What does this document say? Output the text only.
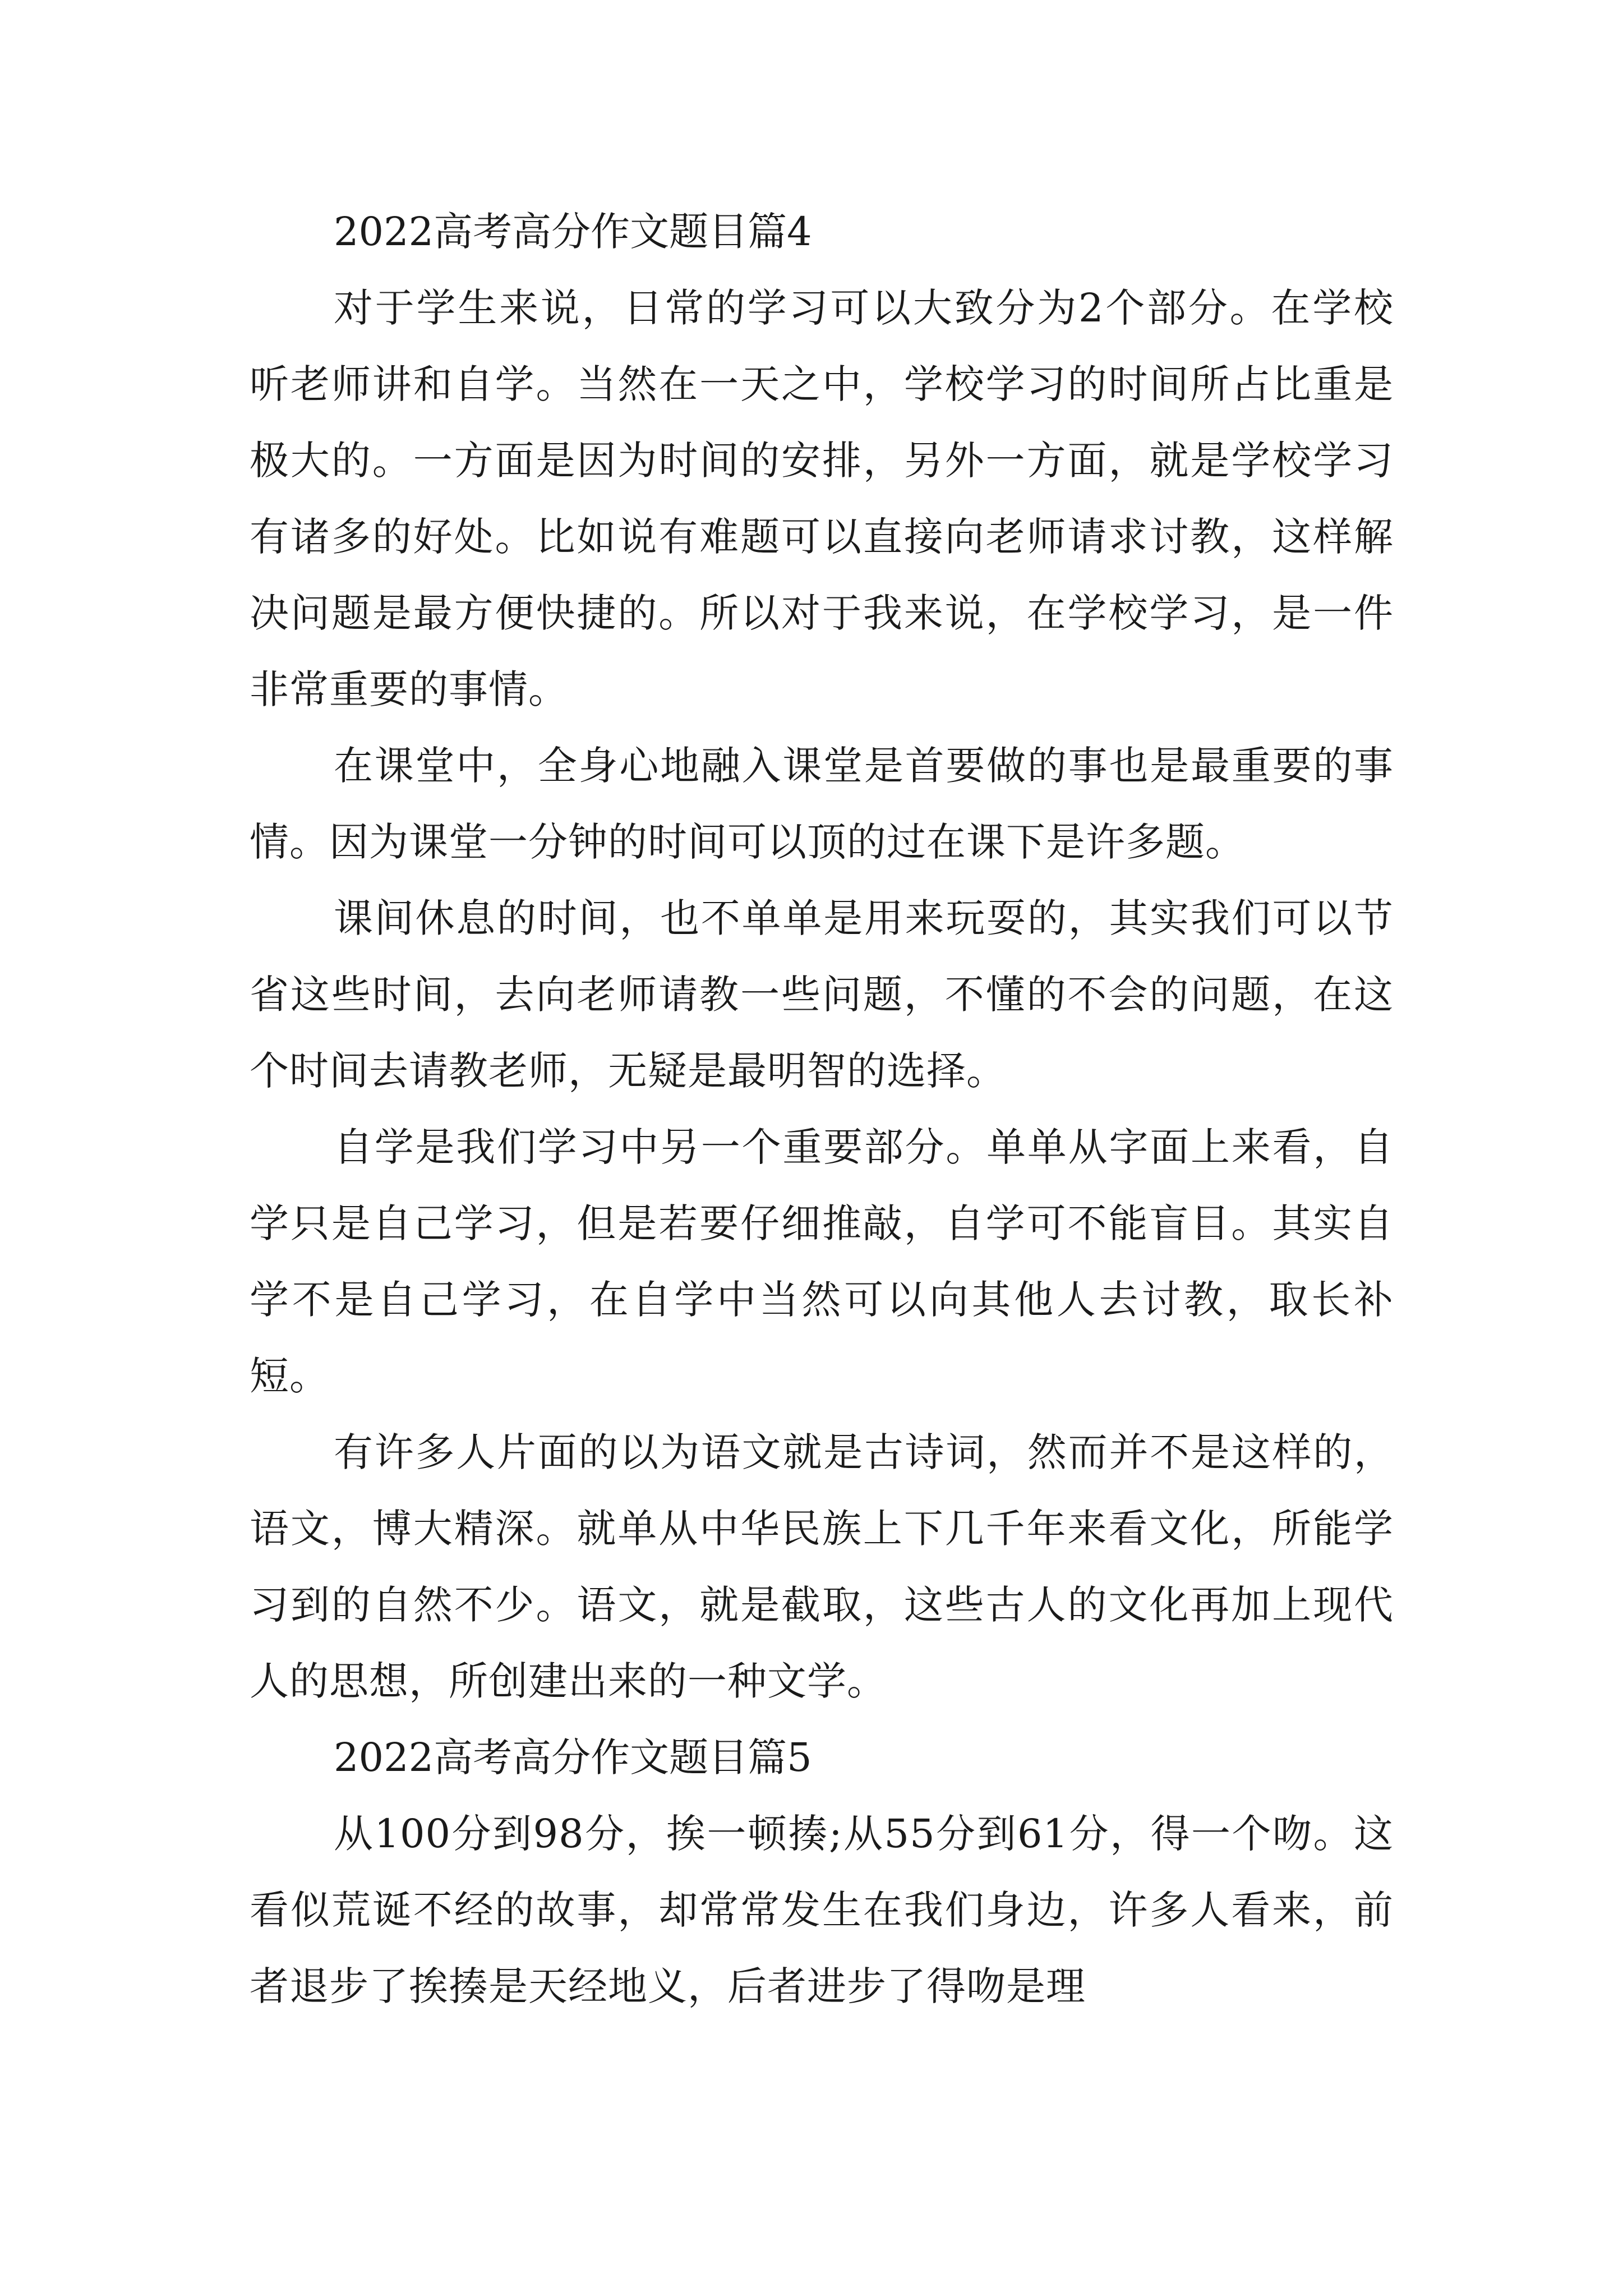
2022高考高分作文题目篇4

对于学生来说，日常的学习可以大致分为2个部分。在学校听老师讲和自学。当然在一天之中，学校学习的时间所占比重是极大的。一方面是因为时间的安排，另外一方面，就是学校学习有诸多的好处。比如说有难题可以直接向老师请求讨教，这样解决问题是最方便快捷的。所以对于我来说，在学校学习，是一件非常重要的事情。

在课堂中，全身心地融入课堂是首要做的事也是最重要的事情。因为课堂一分钟的时间可以顶的过在课下是许多题。

课间休息的时间，也不单单是用来玩耍的，其实我们可以节省这些时间，去向老师请教一些问题，不懂的不会的问题，在这个时间去请教老师，无疑是最明智的选择。

自学是我们学习中另一个重要部分。单单从字面上来看，自学只是自己学习，但是若要仔细推敲，自学可不能盲目。其实自学不是自己学习，在自学中当然可以向其他人去讨教，取长补短。

有许多人片面的以为语文就是古诗词，然而并不是这样的，语文，博大精深。就单从中华民族上下几千年来看文化，所能学习到的自然不少。语文，就是截取，这些古人的文化再加上现代人的思想，所创建出来的一种文学。

2022高考高分作文题目篇5

从100分到98分，挨一顿揍;从55分到61分，得一个吻。这看似荒诞不经的故事，却常常发生在我们身边，许多人看来，前者退步了挨揍是天经地义，后者进步了得吻是理
